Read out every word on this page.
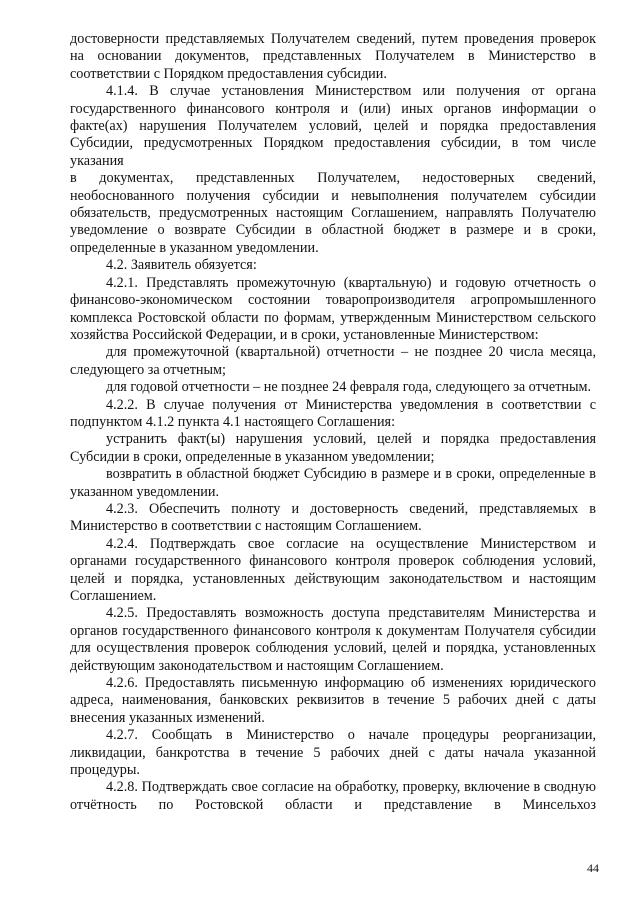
достоверности представляемых Получателем сведений, путем проведения проверок на основании документов, представленных Получателем в Министерство в соответствии с Порядком предоставления субсидии.

4.1.4. В случае установления Министерством или получения от органа государственного финансового контроля и (или) иных органов информации о факте(ах) нарушения Получателем условий, целей и порядка предоставления Субсидии, предусмотренных Порядком предоставления субсидии, в том числе указания

в документах, представленных Получателем, недостоверных сведений, необоснованного получения субсидии и невыполнения получателем субсидии обязательств, предусмотренных настоящим Соглашением, направлять Получателю уведомление о возврате Субсидии в областной бюджет в размере и в сроки, определенные в указанном уведомлении.

4.2. Заявитель обязуется:

4.2.1. Представлять промежуточную (квартальную) и годовую отчетность о финансово-экономическом состоянии товаропроизводителя агропромышленного комплекса Ростовской области по формам, утвержденным Министерством сельского хозяйства Российской Федерации, и в сроки, установленные Министерством:

для промежуточной (квартальной) отчетности – не позднее 20 числа месяца, следующего за отчетным;

для годовой отчетности – не позднее 24 февраля года, следующего за отчетным.

4.2.2. В случае получения от Министерства уведомления в соответствии с подпунктом 4.1.2 пункта 4.1 настоящего Соглашения:

устранить факт(ы) нарушения условий, целей и порядка предоставления Субсидии в сроки, определенные в указанном уведомлении;

возвратить в областной бюджет Субсидию в размере и в сроки, определенные в указанном уведомлении.

4.2.3. Обеспечить полноту и достоверность сведений, представляемых в Министерство в соответствии с настоящим Соглашением.

4.2.4. Подтверждать свое согласие на осуществление Министерством и органами государственного финансового контроля проверок соблюдения условий, целей и порядка, установленных действующим законодательством и настоящим Соглашением.

4.2.5. Предоставлять возможность доступа представителям Министерства и органов государственного финансового контроля к документам Получателя субсидии для осуществления проверок соблюдения условий, целей и порядка, установленных действующим законодательством и настоящим Соглашением.

4.2.6. Предоставлять письменную информацию об изменениях юридического адреса, наименования, банковских реквизитов в течение 5 рабочих дней с даты внесения указанных изменений.

4.2.7. Сообщать в Министерство о начале процедуры реорганизации, ликвидации, банкротства в течение 5 рабочих дней с даты начала указанной процедуры.

4.2.8. Подтверждать свое согласие на обработку, проверку, включение в сводную отчётность по Ростовской области и представление в Минсельхоз

44
